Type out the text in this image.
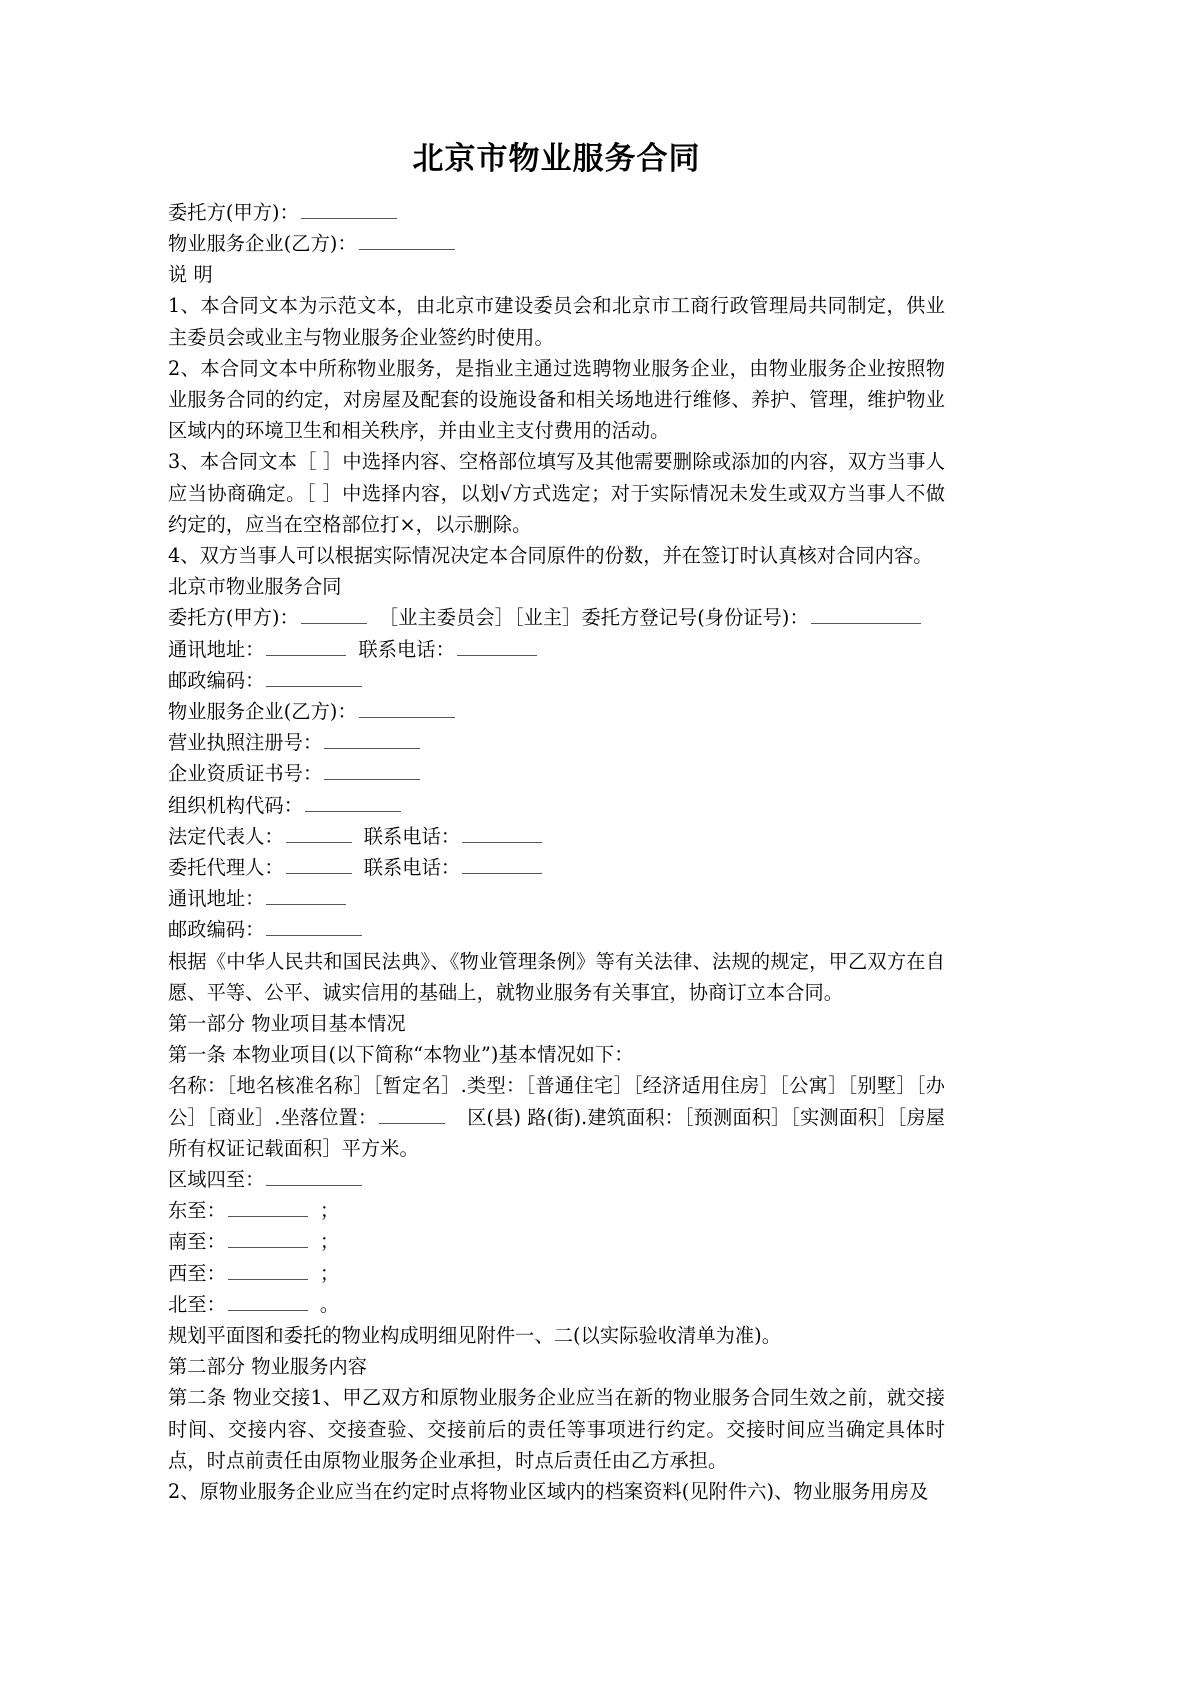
北京市物业服务合同

委托方(甲方)：

物业服务企业(乙方)：

说 明

1、本合同文本为示范文本，由北京市建设委员会和北京市工商行政管理局共同制定，供业主委员会或业主与物业服务企业签约时使用。

2、本合同文本中所称物业服务，是指业主通过选聘物业服务企业，由物业服务企业按照物业服务合同的约定，对房屋及配套的设施设备和相关场地进行维修、养护、管理，维护物业区域内的环境卫生和相关秩序，并由业主支付费用的活动。

3、本合同文本［ ］中选择内容、空格部位填写及其他需要删除或添加的内容，双方当事人应当协商确定。［ ］中选择内容，以划√方式选定；对于实际情况未发生或双方当事人不做约定的，应当在空格部位打×，以示删除。

4、双方当事人可以根据实际情况决定本合同原件的份数，并在签订时认真核对合同内容。

北京市物业服务合同

委托方(甲方)：	［业主委员会］［业主］委托方登记号(身份证号)：

通讯地址：	联系电话：

邮政编码：

物业服务企业(乙方)：

营业执照注册号：

企业资质证书号：

组织机构代码：

法定代表人：	联系电话：

委托代理人：	联系电话：

通讯地址：

邮政编码：

根据《中华人民共和国民法典》、《物业管理条例》等有关法律、法规的规定，甲乙双方在自愿、平等、公平、诚实信用的基础上，就物业服务有关事宜，协商订立本合同。

第一部分 物业项目基本情况

第一条 本物业项目(以下简称“本物业”)基本情况如下：

名称：［地名核准名称］［暂定名］.类型：［普通住宅］［经济适用住房］［公寓］［别墅］［办公］［商业］.坐落位置：	区(县) 路(街).建筑面积：［预测面积］［实测面积］［房屋所有权证记载面积］平方米。

区域四至：

东至：	；

南至：	；

西至：	；

北至：	。

规划平面图和委托的物业构成明细见附件一、二(以实际验收清单为准)。

第二部分 物业服务内容

第二条 物业交接1、甲乙双方和原物业服务企业应当在新的物业服务合同生效之前，就交接时间、交接内容、交接查验、交接前后的责任等事项进行约定。交接时间应当确定具体时点，时点前责任由原物业服务企业承担，时点后责任由乙方承担。

2、原物业服务企业应当在约定时点将物业区域内的档案资料(见附件六)、物业服务用房及
